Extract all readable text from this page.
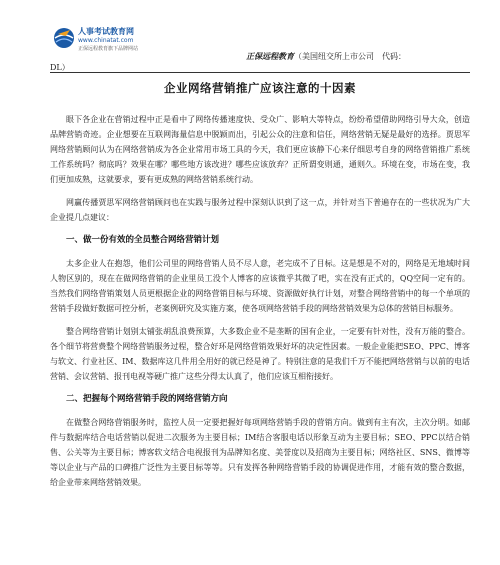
人事考试教育网
www.chinatat.com
正保远程教育旗下品牌网站
正保远程教育（美国纽交所上市公司　代码：
DL）
企业网络营销推广应该注意的十因素

眼下各企业在营销过程中正是看中了网络传播速度快、受众广、影响大等特点，纷纷希望借助网络引导大众，创造品牌营销奇迹。企业想要在互联网海量信息中脱颖而出，引起公众的注意和信任，网络营销无疑是最好的选择。贾思军网络营销顾问认为在网络营销成为各企业常用市场工具的今天，我们更应该静下心来仔细思考自身的网络营销推广系统工作系统吗？彻底吗？效果在哪？哪些地方该改进？哪些应该放弃？正所谓变则通，通则久。环境在变，市场在变，我们更加成熟，这就要求，要有更成熟的网络营销系统行动。

网赢传播贾思军网络营销顾问也在实践与服务过程中深刻认识到了这一点，并针对当下普遍存在的一些状况为广大企业提几点建议：

一、做一份有效的全员整合网络营销计划

太多企业人在抱怨，他们公司里的网络营销人员不尽人意，老完成不了目标。这是想是不对的，网络是无地域时间人物区别的，现在在做网络营销的企业里员工没个人博客的应该微乎其微了吧，实在没有正式的，QQ空间一定有的。当然我们网络营销策划人员更根据企业的网络营销目标与环境、资源做好执行计划，对整合网络营销中的每一个单项的营销手段做好数据可控分析，老案例研究及实施方案，使各项网络营销手段的网络营销效果为总体的营销目标服务。

整合网络营销计划别太铺张胡乱浪费预算，大多数企业不是垄断的国有企业，一定要有针对性，没有万能的整合。各个细节将营费整个网络营销服务过程，整合好环是网络营销效果好坏的决定性因素。一般企业能把SEO、PPC、博客与软文、行业社区、IM、数据库这几件用全用好的就已经是神了。特别注意的是我们千万不能把网络营销与以前的电话营销、会议营销、报刊电视等硬广推广这些分得太认真了，他们应该互相衔接好。

二、把握每个网络营销手段的网络营销方向

在做整合网络营销服务时，监控人员一定要把握好每项网络营销手段的营销方向。做到有主有次，主次分明。如邮件与数据库结合电话营销以促进二次服务为主要目标；IM结合客服电话以形象互动为主要目标；SEO、PPC以结合销售、公关等为主要目标；博客软文结合电视报刊为品牌知名度、美誉度以及招商为主要目标；网络社区、SNS、微博等等以企业与产品的口碑推广泛性为主要目标等等。只有发挥各种网络营销手段的协调促进作用，才能有效的整合数据，给企业带来网络营销效果。
